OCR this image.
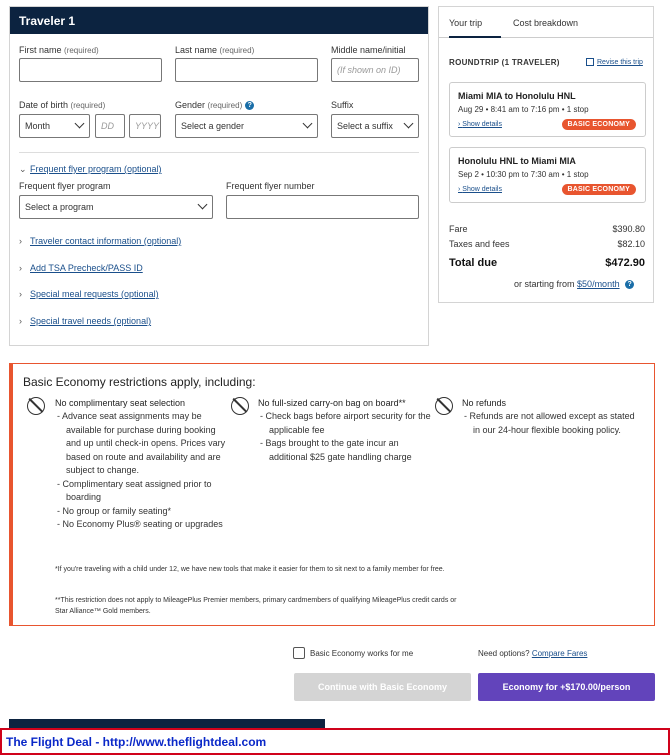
Traveler 1
First name (required)	Last name (required)	Middle name/initial
(If shown on ID)
Date of birth (required)
Month	DD	YYYY
Gender (required) ?
Select a gender
Suffix
Select a suffix
⌄ Frequent flyer program (optional)
Frequent flyer program
Select a program
Frequent flyer number
› Traveler contact information (optional)
› Add TSA Precheck/PASS ID
› Special meal requests (optional)
› Special travel needs (optional)
Your trip	Cost breakdown
ROUNDTRIP (1 TRAVELER)	Revise this trip
Miami MIA to Honolulu HNL
Aug 29 • 8:41 am to 7:16 pm • 1 stop
› Show details	BASIC ECONOMY
Honolulu HNL to Miami MIA
Sep 2 • 10:30 pm to 7:30 am • 1 stop
› Show details	BASIC ECONOMY
Fare	$390.80
Taxes and fees	$82.10
Total due	$472.90
or starting from $50/month ?
Basic Economy restrictions apply, including:
No complimentary seat selection
- Advance seat assignments may be available for purchase during booking and up until check-in opens. Prices vary based on route and availability and are subject to change.
- Complimentary seat assigned prior to boarding
- No group or family seating*
- No Economy Plus® seating or upgrades
No full-sized carry-on bag on board**
- Check bags before airport security for the applicable fee
- Bags brought to the gate incur an additional $25 gate handling charge
No refunds
- Refunds are not allowed except as stated in our 24-hour flexible booking policy.
*If you're traveling with a child under 12, we have new tools that make it easier for them to sit next to a family member for free.
**This restriction does not apply to MileagePlus Premier members, primary cardmembers of qualifying MileagePlus credit cards or Star Alliance™ Gold members.
Basic Economy works for me	Need options? Compare Fares
Continue with Basic Economy	Economy for +$170.00/person
The Flight Deal - http://www.theflightdeal.com
